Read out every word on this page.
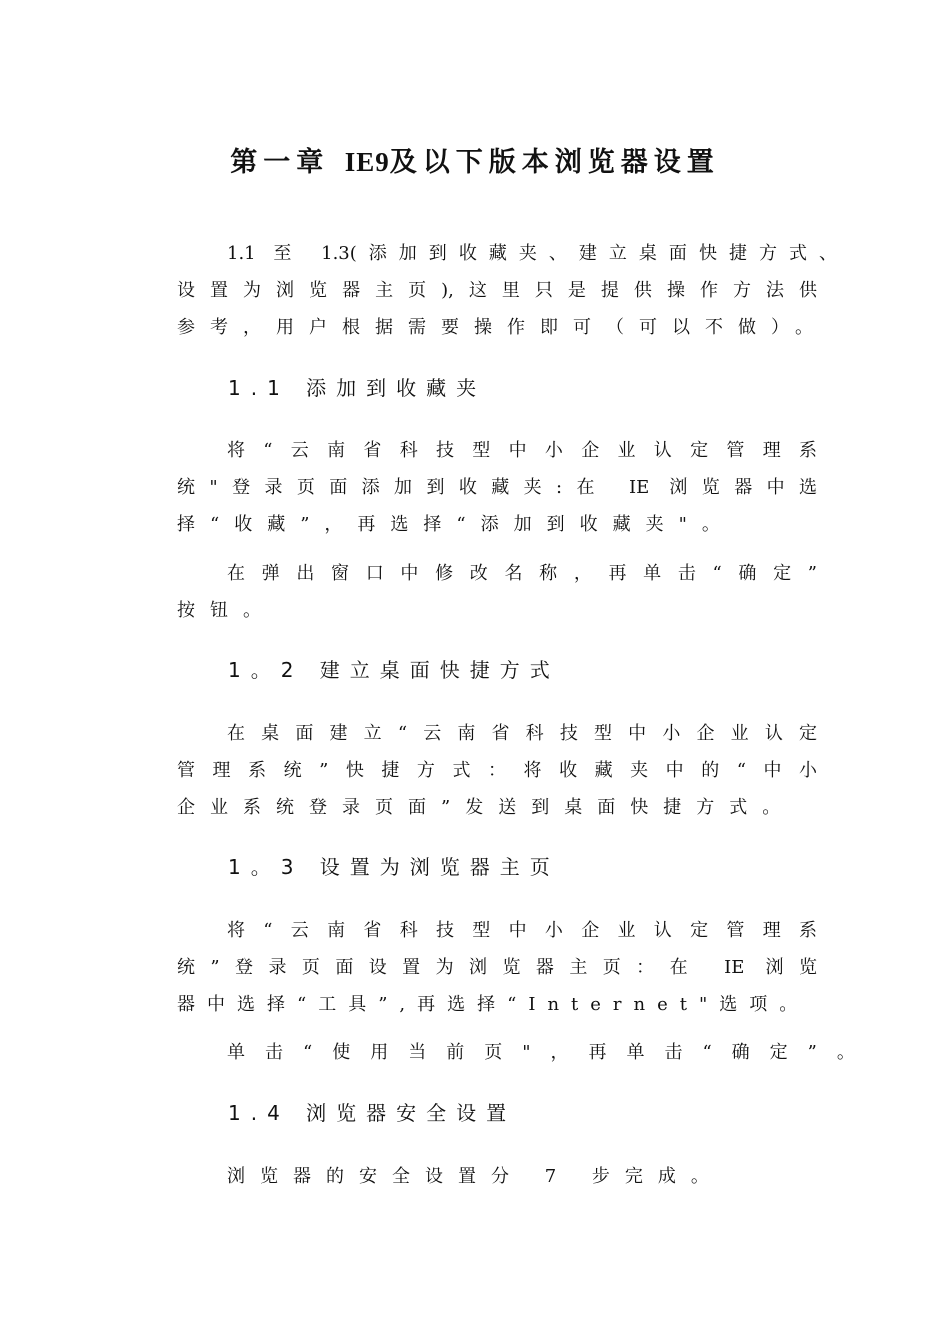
第一章 IE9及以下版本浏览器设置

1.1 至 1.3(添加到收藏夹、建立桌面快捷方式、
设置为浏览器主页),这里只是提供操作方法供
参考，用户根据需要操作即可（可以不做）。

1.1 添加到收藏夹

将“云南省科技型中小企业认定管理系
统"登录页面添加到收藏夹:在 IE 浏览器中选
择“收藏”，再选择“添加到收藏夹"。

在弹出窗口中修改名称，再单击“确定”
按钮。

1。2 建立桌面快捷方式

在桌面建立“云南省科技型中小企业认定
管理系统”快捷方式：将收藏夹中的“中小
企业系统登录页面”发送到桌面快捷方式。

1。3 设置为浏览器主页

将“云南省科技型中小企业认定管理系
统”登录页面设置为浏览器主页：在 IE 浏览
器中选择“工具”,再选择“Internet"选项。

单击“使用当前页"，再单击“确定”。

1.4 浏览器安全设置

浏览器的安全设置分 7 步完成。
